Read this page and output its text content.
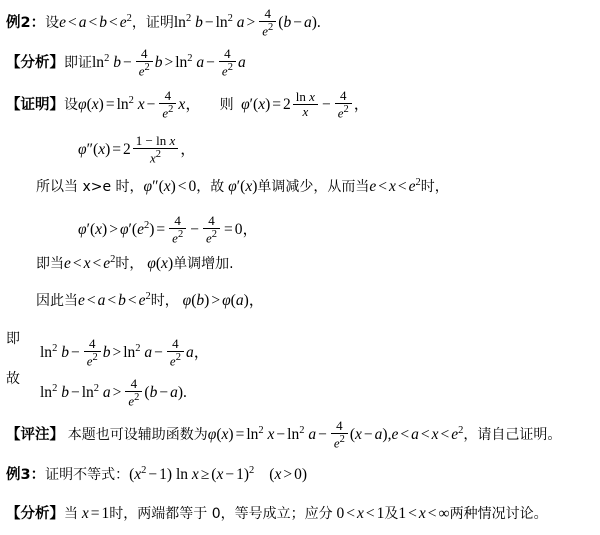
例2：设$e < a < b < e^2$，证明$\ln^2 b - \ln^2 a > \frac{4}{e^2} (b - a)$.
【分析】即证$\ln^2 b - \frac{4}{e^2}$ $b > \ln^2 a - \frac{4}{e^2}$ a
【证明】设$\varphi(x) = \ln^2 x - \frac{4}{e^2}$ x， 则 $\varphi'(x) = 2 \frac{\text{ln x}}{x} - \frac{4}{e^2}$ ，
$\varphi''(x) = 2 \frac{\text{1 − ln x}}{x^2}$ ，
所以当 x>e 时，φ″(x) < 0，故 φ′(x)单调减少，从而当$e < x < e^2$时，
$\varphi'(x) > \varphi'(e^2) = \frac{4}{e^2} - \frac{4}{e^2} = 0$，
即当$e < x < e^2$时， φ(x)单调增加.
因此当$e < a < b < e^2$时， φ(b) > φ(a)，
即
$\ln^2 b - \frac{4}{e^2}$ $b > \ln^2 a - \frac{4}{e^2}$ a，
故
$\ln^2 b - \ln^2 a > \frac{4}{e^2} (b - a)$.
【评注】 本题也可设辅助函数为$\varphi(x) = \ln^2 x - \ln^2 a - \frac{4}{e^2} (x - a),e < a < x < e^2$，请自己证明。
例3：证明不等式：$(x^2 - 1)$ $\ln x \ge (x - 1)^2$ (x > 0)
【分析】当 x = 1时，两端都等于 0，等号成立；应分 0 < x < 1及1 < x < ∞两种情况讨论。
